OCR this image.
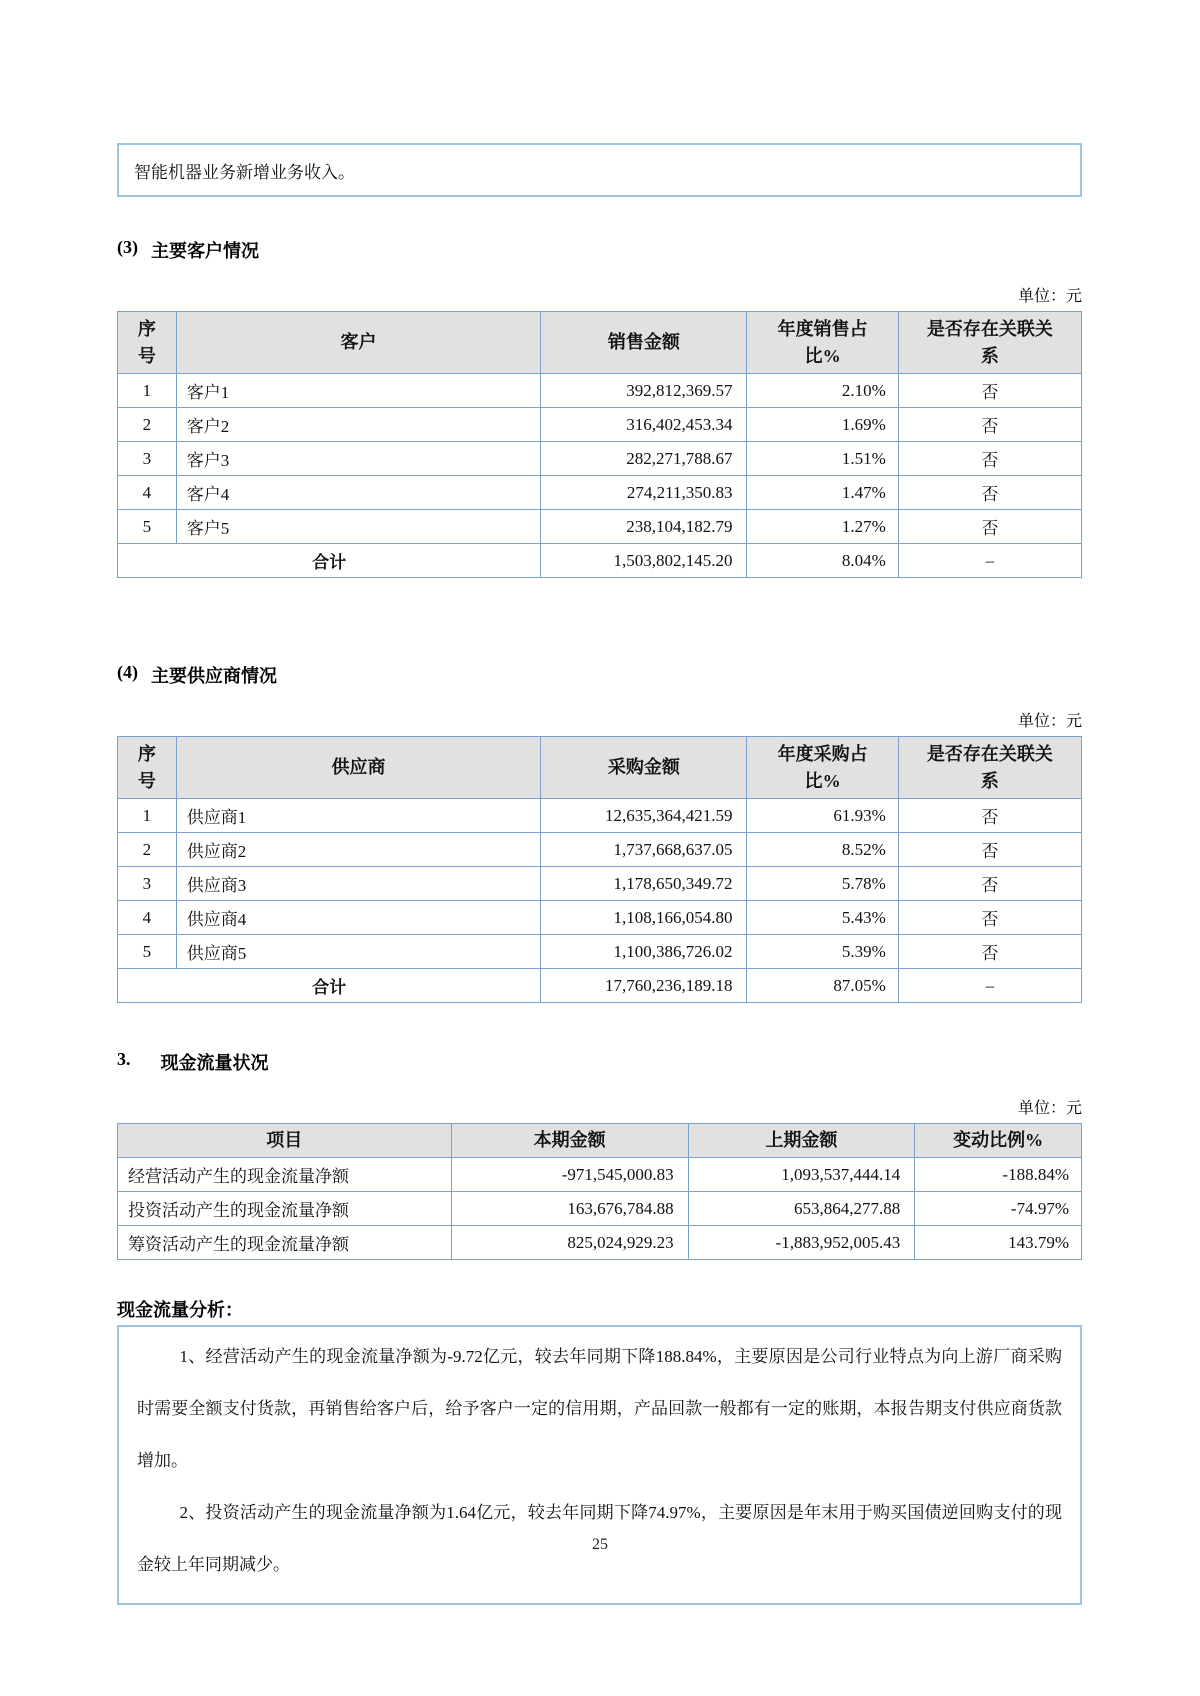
智能机器业务新增业务收入。
(3) 主要客户情况
单位：元
序号	客户	销售金额	年度销售占比%	是否存在关联关系
1	客户1	392,812,369.57	2.10%	否
2	客户2	316,402,453.34	1.69%	否
3	客户3	282,271,788.67	1.51%	否
4	客户4	274,211,350.83	1.47%	否
5	客户5	238,104,182.79	1.27%	否
合计		1,503,802,145.20	8.04%	–
(4) 主要供应商情况
单位：元
序号	供应商	采购金额	年度采购占比%	是否存在关联关系
1	供应商1	12,635,364,421.59	61.93%	否
2	供应商2	1,737,668,637.05	8.52%	否
3	供应商3	1,178,650,349.72	5.78%	否
4	供应商4	1,108,166,054.80	5.43%	否
5	供应商5	1,100,386,726.02	5.39%	否
合计		17,760,236,189.18	87.05%	–
3. 现金流量状况
单位：元
项目	本期金额	上期金额	变动比例%
经营活动产生的现金流量净额	-971,545,000.83	1,093,537,444.14	-188.84%
投资活动产生的现金流量净额	163,676,784.88	653,864,277.88	-74.97%
筹资活动产生的现金流量净额	825,024,929.23	-1,883,952,005.43	143.79%
现金流量分析：

1、经营活动产生的现金流量净额为-9.72亿元，较去年同期下降188.84%，主要原因是公司行业特点为向上游厂商采购时需要全额支付货款，再销售给客户后，给予客户一定的信用期，产品回款一般都有一定的账期，本报告期支付供应商货款增加。

2、投资活动产生的现金流量净额为1.64亿元，较去年同期下降74.97%，主要原因是年末用于购买国债逆回购支付的现金较上年同期减少。

25
